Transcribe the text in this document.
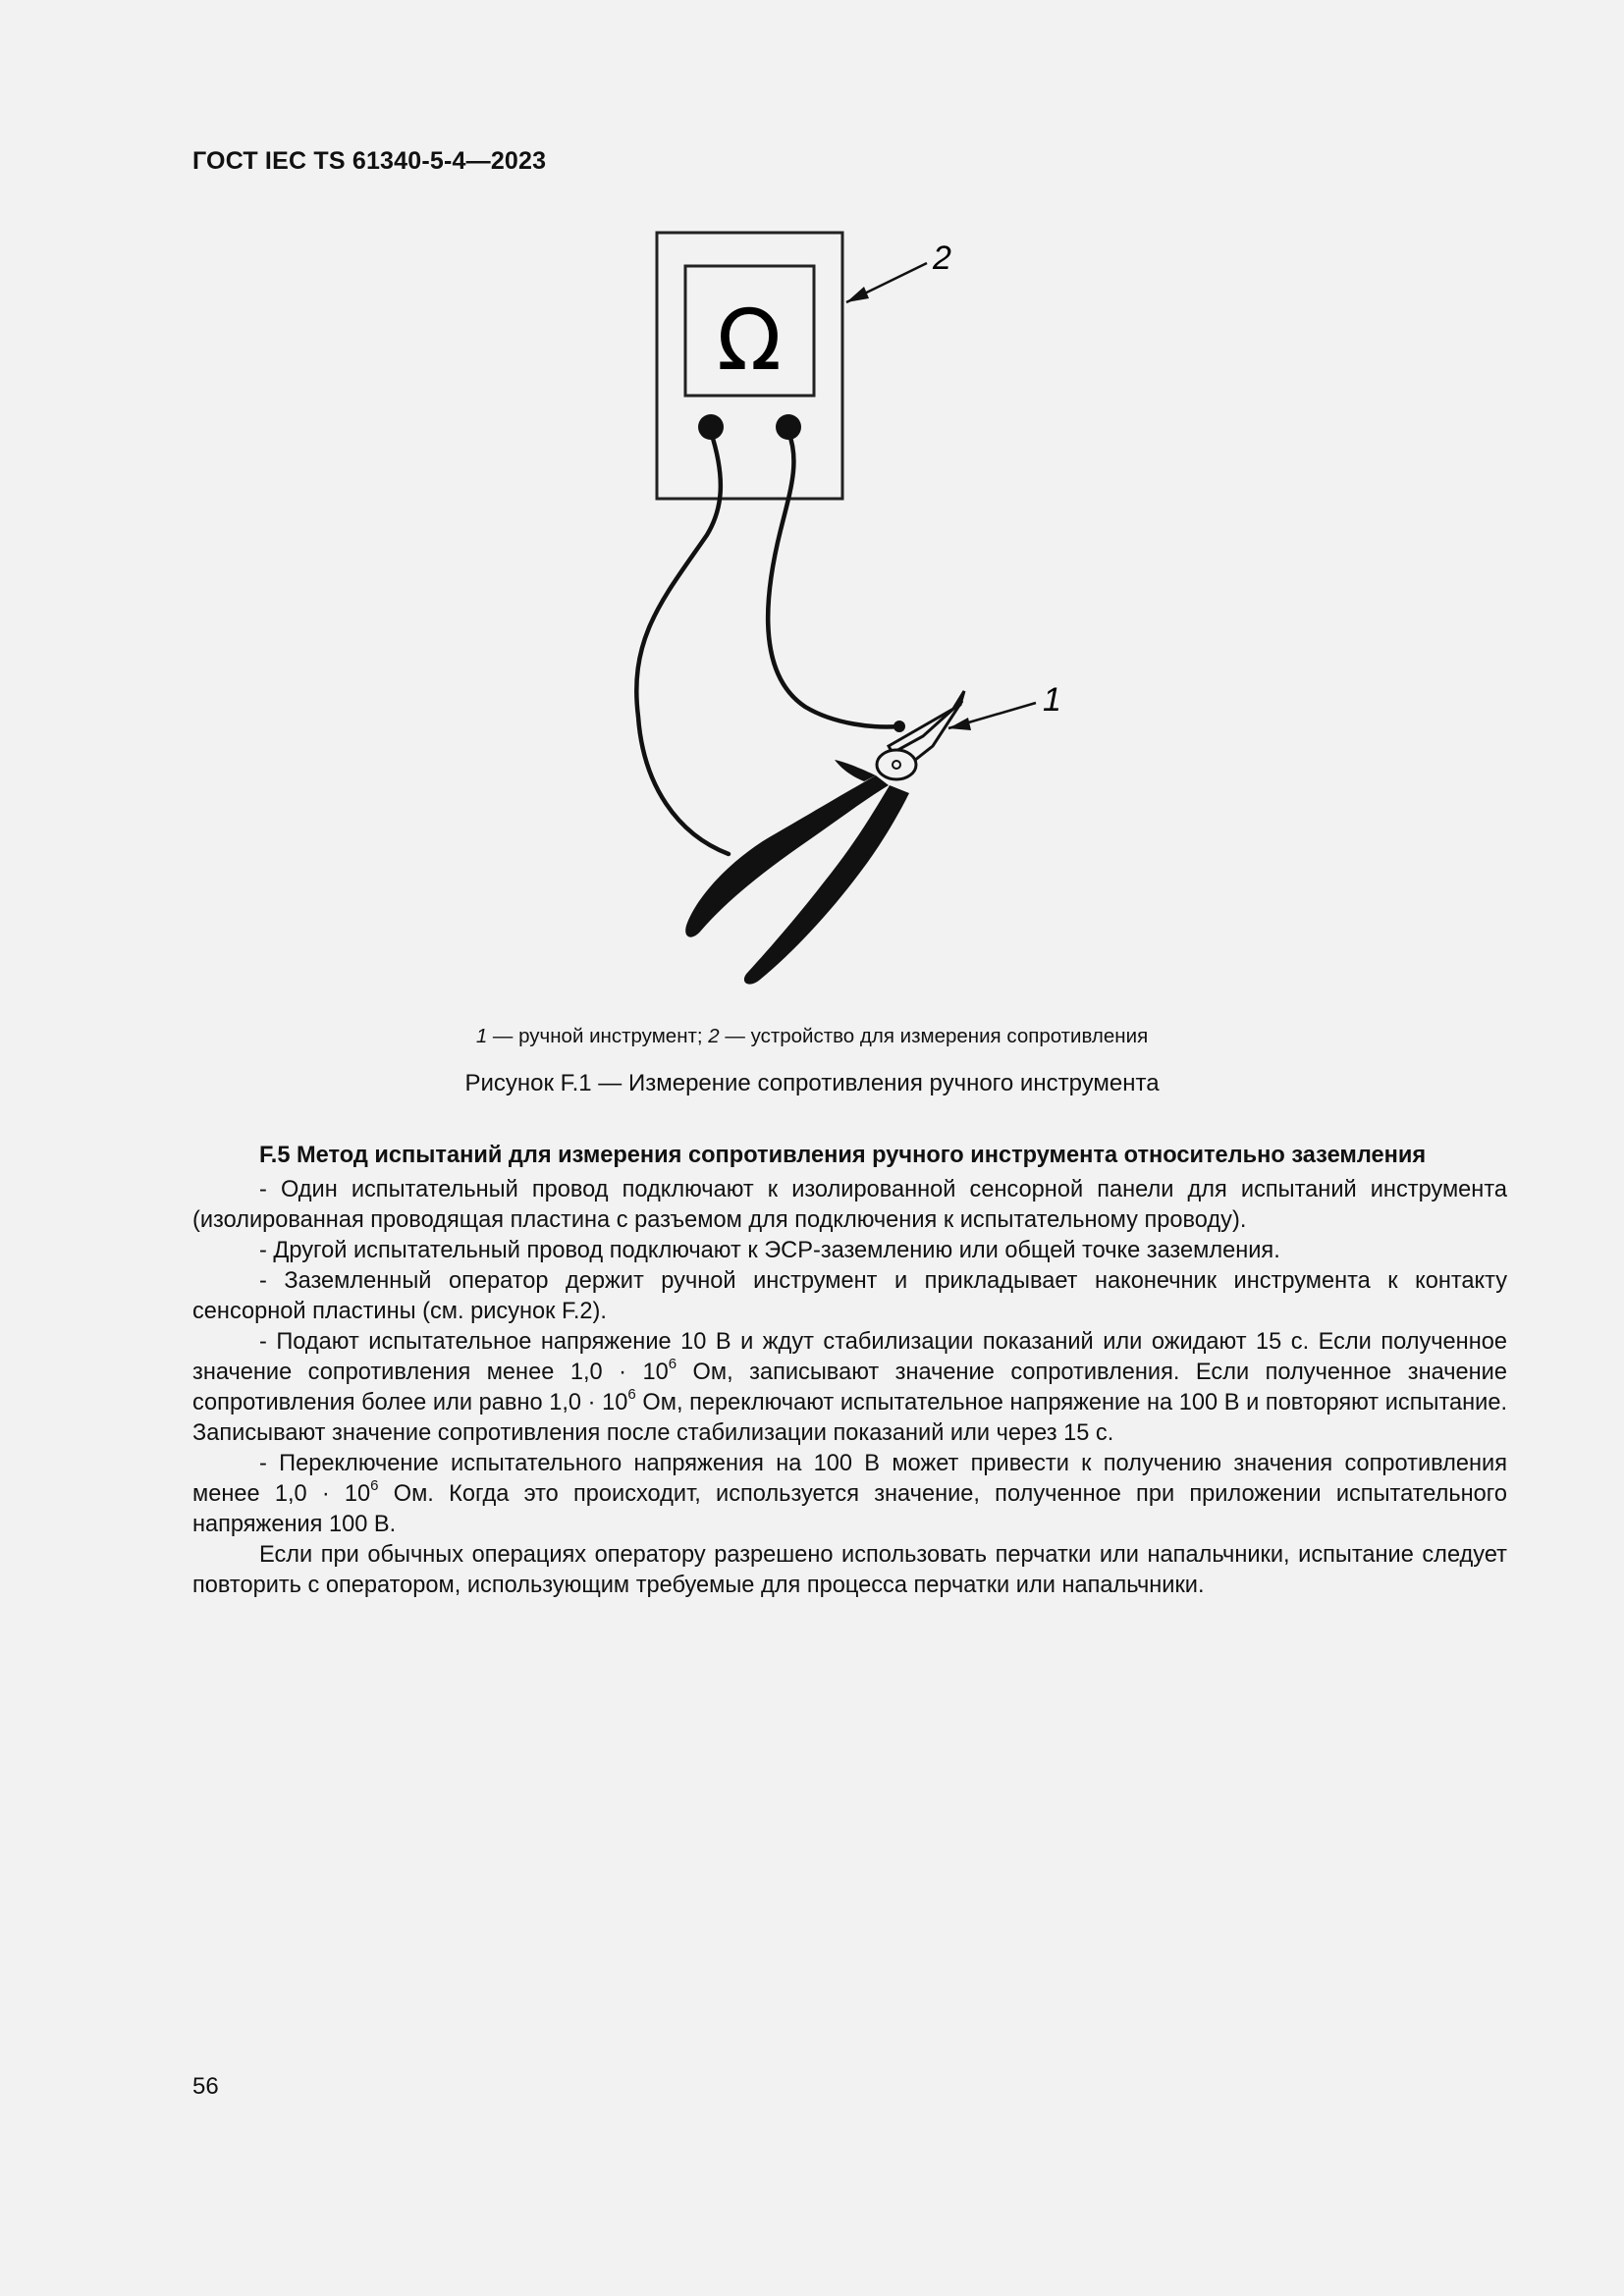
ГОСТ IEC TS 61340-5-4—2023
Ω
2
1
1 — ручной инструмент; 2 — устройство для измерения сопротивления
Рисунок F.1 — Измерение сопротивления ручного инструмента

F.5 Метод испытаний для измерения сопротивления ручного инструмента относительно заземления

- Один испытательный провод подключают к изолированной сенсорной панели для испытаний инструмента (изолированная проводящая пластина с разъемом для подключения к испытательному проводу).

- Другой испытательный провод подключают к ЭСР-заземлению или общей точке заземления.

- Заземленный оператор держит ручной инструмент и прикладывает наконечник инструмента к контакту сенсорной пластины (см. рисунок F.2).

- Подают испытательное напряжение 10 В и ждут стабилизации показаний или ожидают 15 с. Если полученное значение сопротивления менее $1,0 \cdot 10^6$ Ом, записывают значение сопротивления. Если полученное значение сопротивления более или равно $1,0 \cdot 10^6$ Ом, переключают испытательное напряжение на 100 В и повторяют испытание. Записывают значение сопротивления после стабилизации показаний или через 15 с.

- Переключение испытательного напряжения на 100 В может привести к получению значения сопротивления менее $1,0 \cdot 10^6$ Ом. Когда это происходит, используется значение, полученное при приложении испытательного напряжения 100 В.

Если при обычных операциях оператору разрешено использовать перчатки или напальчники, испытание следует повторить с оператором, использующим требуемые для процесса перчатки или напальчники.

56
